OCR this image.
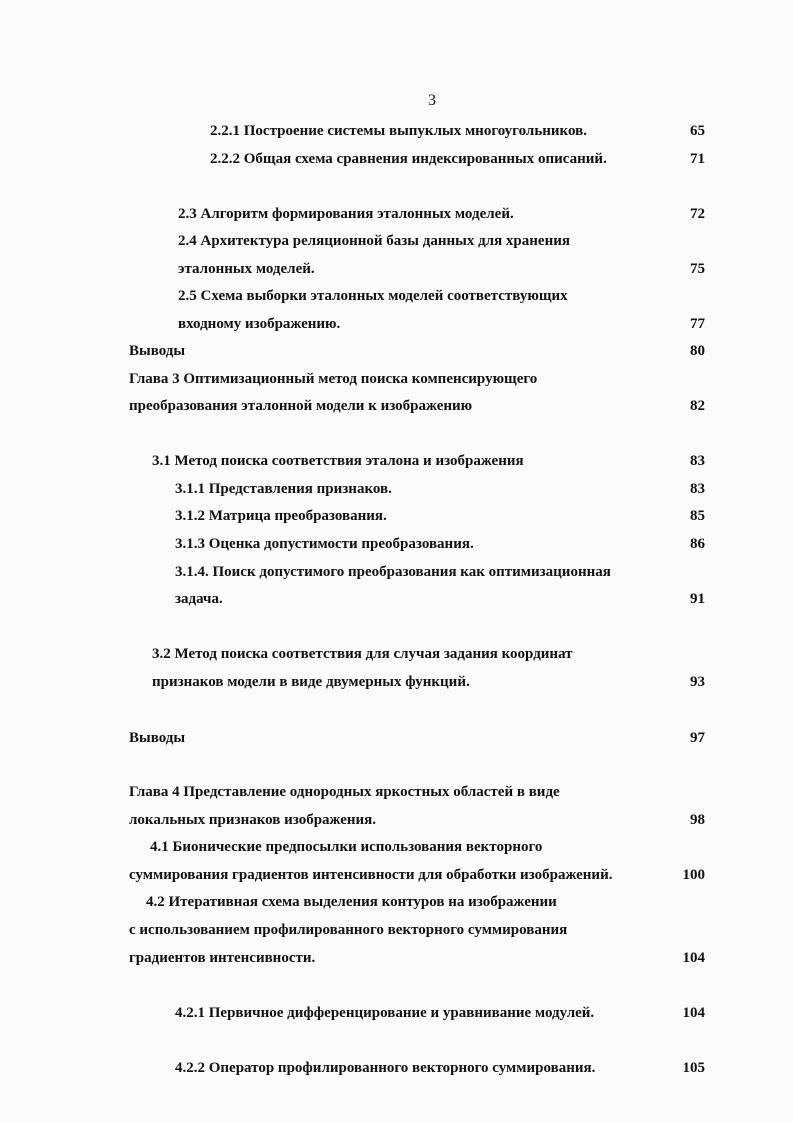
3
2.2.1 Построение системы выпуклых многоугольников.	65
2.2.2 Общая схема сравнения индексированных описаний.	71
2.3 Алгоритм формирования эталонных моделей.	72
2.4 Архитектура реляционной базы данных для хранения
эталонных моделей.	75
2.5 Схема выборки эталонных моделей соответствующих
входному изображению.	77
Выводы	80
Глава 3 Оптимизационный метод поиска компенсирующего
преобразования эталонной модели к изображению	82
3.1 Метод поиска соответствия эталона и изображения	83
3.1.1 Представления признаков.	83
3.1.2 Матрица преобразования.	85
3.1.3 Оценка допустимости преобразования.	86
3.1.4. Поиск допустимого преобразования как оптимизационная
задача.	91
3.2 Метод поиска соответствия для случая задания координат
признаков модели в виде двумерных функций.	93
Выводы	97
Глава 4 Представление однородных яркостных областей в виде
локальных признаков изображения.	98
4.1 Бионические предпосылки использования векторного
суммирования градиентов интенсивности для обработки изображений.	100
4.2 Итеративная схема выделения контуров на изображении
с использованием профилированного векторного суммирования
градиентов интенсивности.	104
4.2.1 Первичное дифференцирование и уравнивание модулей.	104
4.2.2 Оператор профилированного векторного суммирования.	105
